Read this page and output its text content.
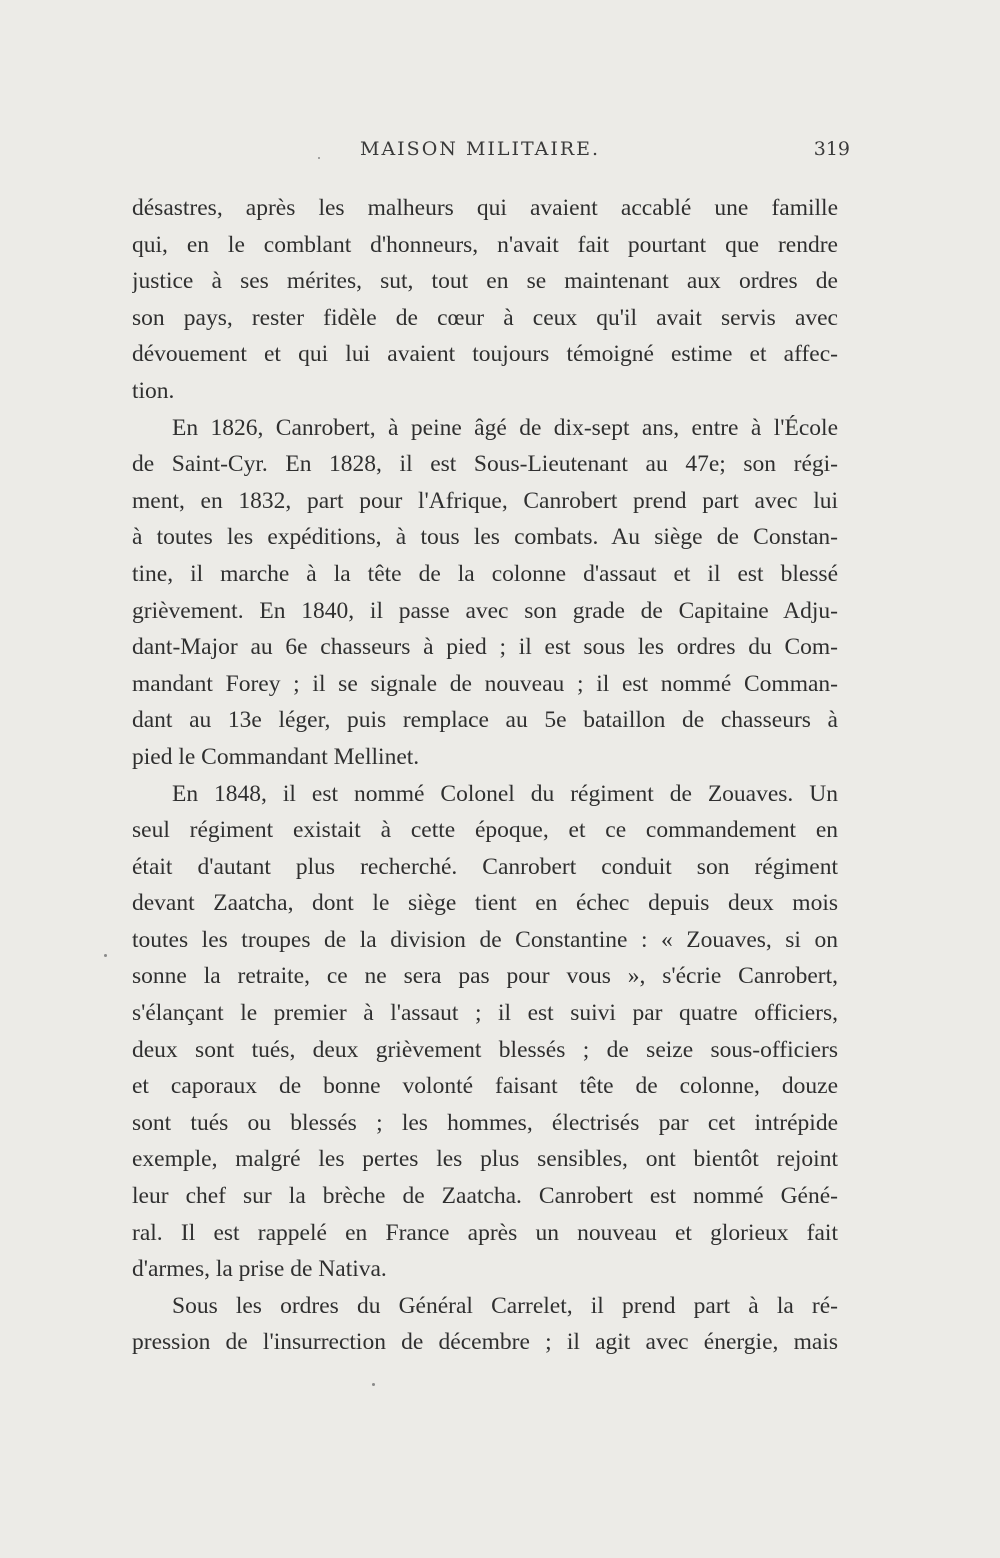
MAISON MILITAIRE.	319
désastres, après les malheurs qui avaient accablé une famille
qui, en le comblant d'honneurs, n'avait fait pourtant que rendre
justice à ses mérites, sut, tout en se maintenant aux ordres de
son pays, rester fidèle de cœur à ceux qu'il avait servis avec
dévouement et qui lui avaient toujours témoigné estime et affec-
tion.
En 1826, Canrobert, à peine âgé de dix-sept ans, entre à l'École
de Saint-Cyr. En 1828, il est Sous-Lieutenant au 47e; son régi-
ment, en 1832, part pour l'Afrique, Canrobert prend part avec lui
à toutes les expéditions, à tous les combats. Au siège de Constan-
tine, il marche à la tête de la colonne d'assaut et il est blessé
grièvement. En 1840, il passe avec son grade de Capitaine Adju-
dant-Major au 6e chasseurs à pied ; il est sous les ordres du Com-
mandant Forey ; il se signale de nouveau ; il est nommé Comman-
dant au 13e léger, puis remplace au 5e bataillon de chasseurs à
pied le Commandant Mellinet.
En 1848, il est nommé Colonel du régiment de Zouaves. Un
seul régiment existait à cette époque, et ce commandement en
était d'autant plus recherché. Canrobert conduit son régiment
devant Zaatcha, dont le siège tient en échec depuis deux mois
toutes les troupes de la division de Constantine : « Zouaves, si on
sonne la retraite, ce ne sera pas pour vous », s'écrie Canrobert,
s'élançant le premier à l'assaut ; il est suivi par quatre officiers,
deux sont tués, deux grièvement blessés ; de seize sous-officiers
et caporaux de bonne volonté faisant tête de colonne, douze
sont tués ou blessés ; les hommes, électrisés par cet intrépide
exemple, malgré les pertes les plus sensibles, ont bientôt rejoint
leur chef sur la brèche de Zaatcha. Canrobert est nommé Géné-
ral. Il est rappelé en France après un nouveau et glorieux fait
d'armes, la prise de Nativa.
Sous les ordres du Général Carrelet, il prend part à la ré-
pression de l'insurrection de décembre ; il agit avec énergie, mais
